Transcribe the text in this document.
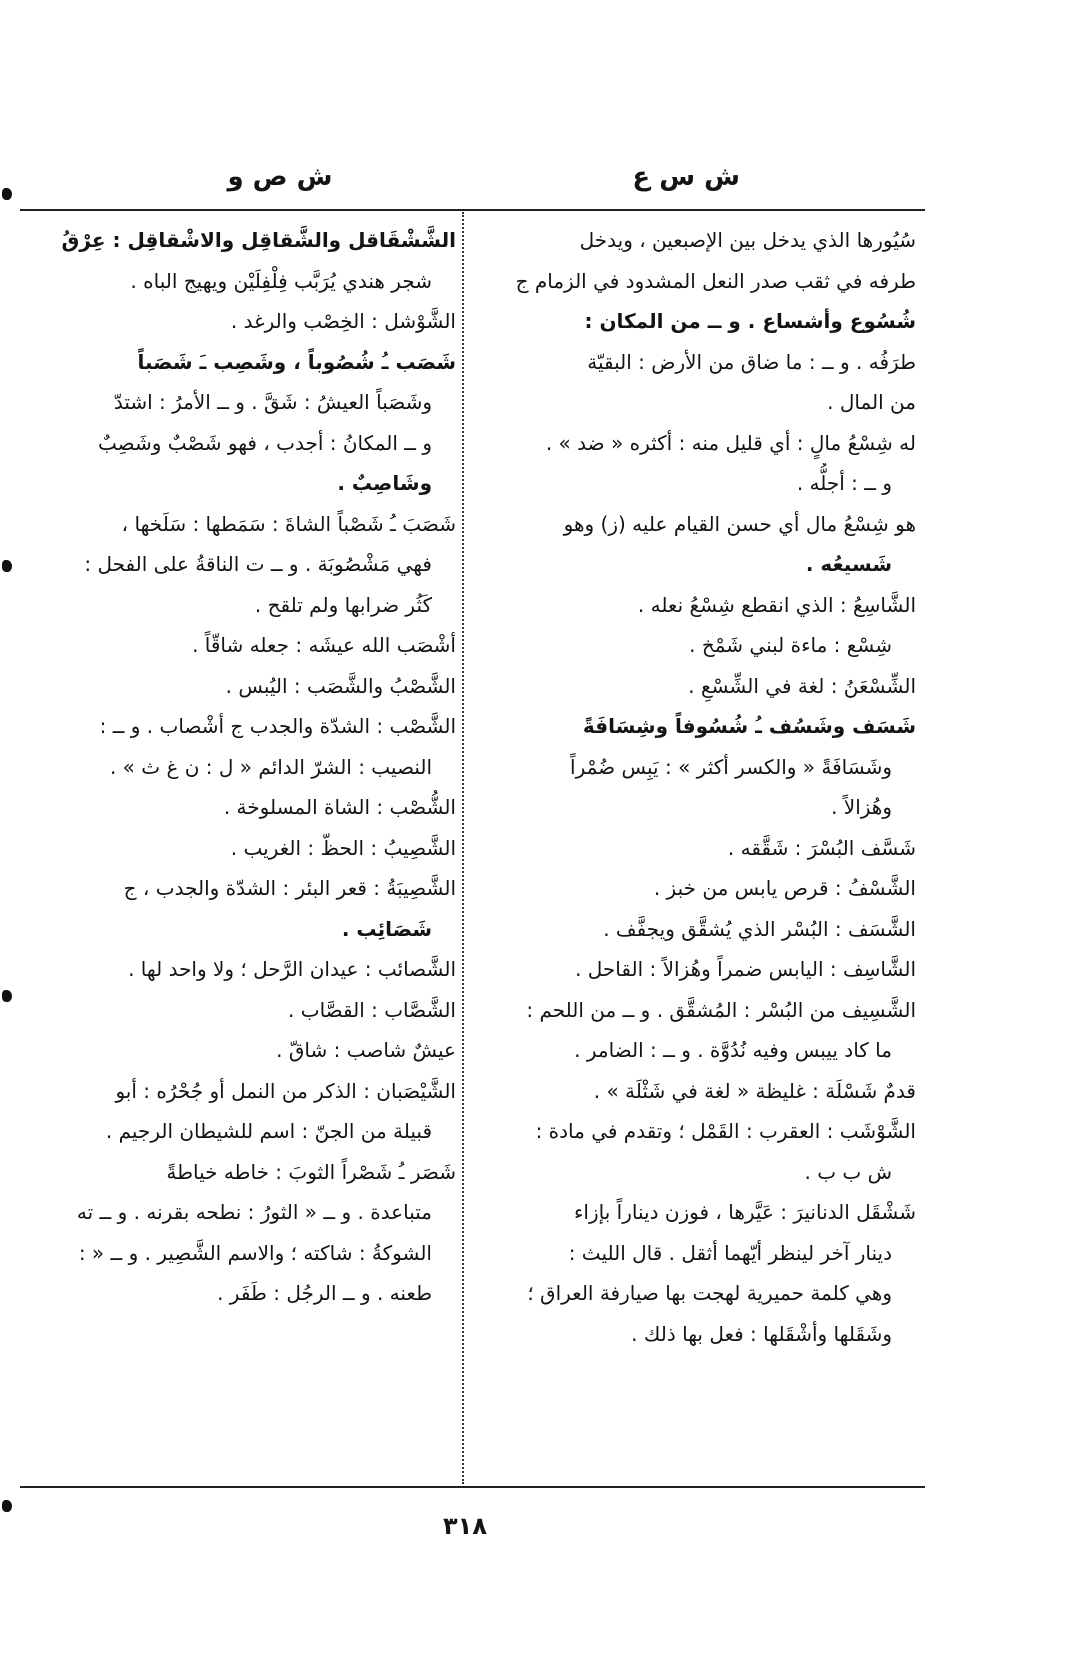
ش س ع
ش ص و
سُيُورها الذي يدخل بين الإصبعين ، ويدخل
طرفه في ثقب صدر النعل المشدود في الزمام ج
شُسُوع وأشساع . و ــ من المكان :
طرَفُه . و ــ : ما ضاق من الأرض : البقيّة
من المال .
له شِسْعُ مالٍ : أي قليل منه : أكثره « ضد » .
و ــ : أجلُّه .
هو شِسْعُ مال أي حسن القيام عليه (ز) وهو
شَسيعُه .
الشَّاسِعُ : الذي انقطع شِسْعُ نعله .
شِسْع : ماءة لبني شَمْخ .
الشِّسْعَنُ : لغة في الشِّسْعِ .
شَسَف وشَسُف ـُ شُسُوفاً وشِسَافَةً
وشَسَافَةً « والكسر أكثر » : يَبِس ضُمْراً
وهُزالاً .
شَسَّف البُسْرَ : شَقَّقه .
الشَّسْفُ : قرص يابس من خبز .
الشَّسَف : البُسْر الذي يُشقَّق ويجفَّف .
الشَّاسِف : اليابس ضمراً وهُزالاً : القاحل .
الشَّسِيف من البُسْر : المُشقَّق . و ــ من اللحم :
ما كاد ييبس وفيه نُدُوَّة . و ــ : الضامر .
قدمٌ شَسْلَة : غليظة « لغة في شَثْلَة » .
الشَّوْشَب : العقرب : القَمْل ؛ وتقدم في مادة :
ش ب ب .
شَشْقَل الدنانيرَ : عَيَّرها ، فوزن ديناراً بإزاء
دينار آخر لينظر أيّهما أثقل . قال الليث :
وهي كلمة حميرية لهجت بها صيارفة العراق ؛
وشَقَلها وأشْقَلها : فعل بها ذلك .
الشَّشْقَاقل والشَّقاقِل والاشْقاقِل : عِرْقُ
شجر هندي يُرَبَّب فِلْفِلَيْن ويهيج الباه .
الشَّوْشل : الخِصْب والرغد .
شَصَب ـُ شُصُوباً ، وشَصِب ـَ شَصَباً
وشَصَباً العيشُ : شَقَّ . و ــ الأمرُ : اشتدّ
و ــ المكانُ : أجدب ، فهو شَصْبٌ وشَصِبٌ
وشَاصِبٌ .
شَصَبَ ـُ شَصْباً الشاةَ : سَمَطها : سَلَخها ،
فهي مَشْصُوبَة . و ــ ت الناقةُ على الفحل :
كَثُر ضرابها ولم تلقح .
أشْصَب الله عيشَه : جعله شاقّاً .
الشَّصْبُ والشَّصَب : اليُبس .
الشَّصْب : الشدّة والجدب ج أشْصاب . و ــ :
النصيب : الشرّ الدائم « ل : ن غ ث » .
الشُّصْب : الشاة المسلوخة .
الشَّصِيبُ : الحظّ : الغريب .
الشَّصِيبَةُ : قعر البئر : الشدّة والجدب ، ج
شَصَائِب .
الشَّصائب : عيدان الرَّحل ؛ ولا واحد لها .
الشَّصَّاب : القصَّاب .
عيشٌ شاصب : شاقّ .
الشَّيْصَبان : الذكر من النمل أو جُحْرُه : أبو
قبيلة من الجنّ : اسم للشيطان الرجيم .
شَصَر ـُ شَصْراً الثوبَ : خاطه خياطةً
متباعدة . و ــ « الثورُ : نطحه بقرنه . و ــ ته
الشوكةُ : شاكته ؛ والاسم الشَّصِير . و ــ « :
طعنه . و ــ الرجُل : طَفَر .
٣١٨
